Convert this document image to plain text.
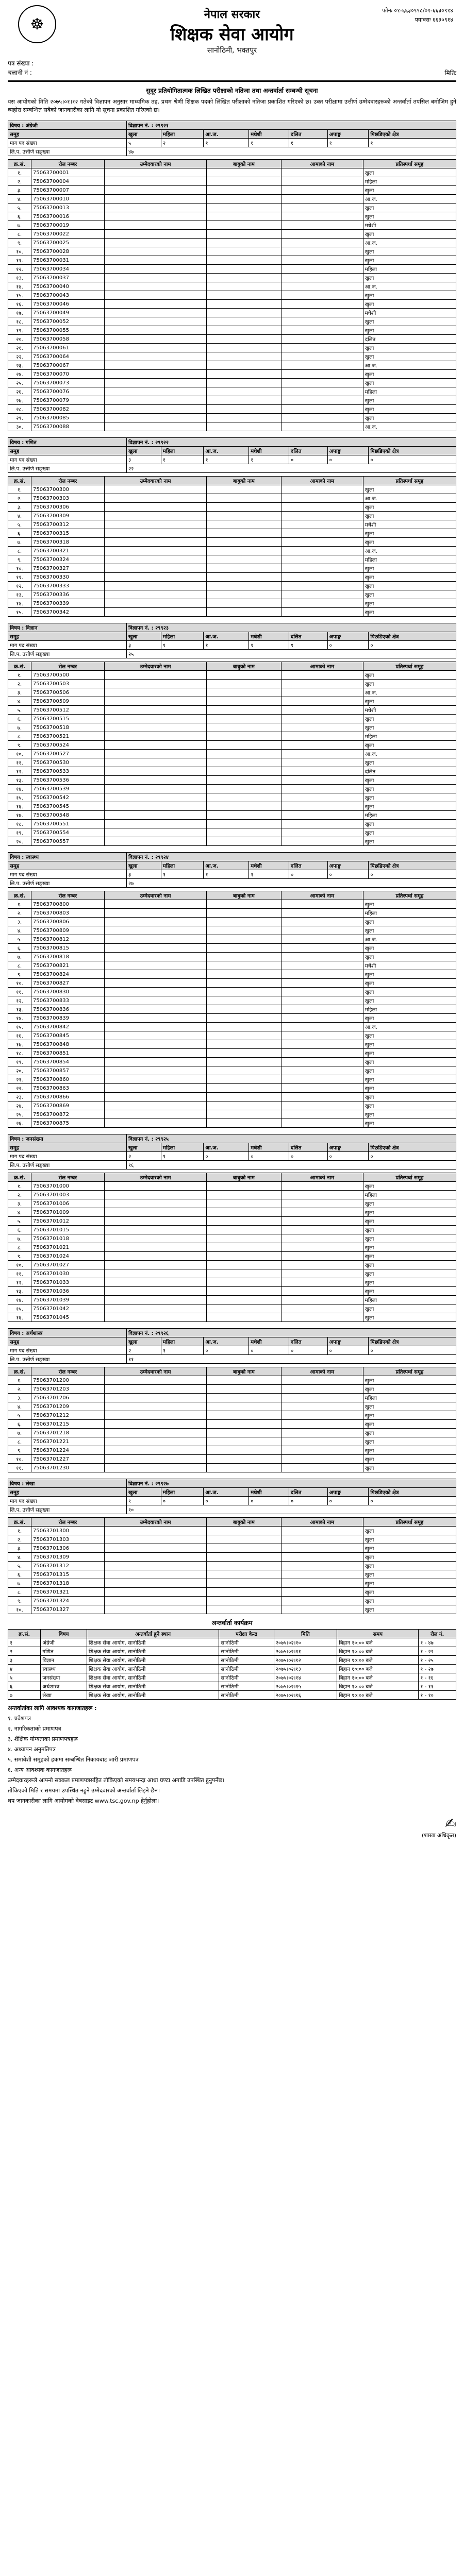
☸
नेपाल सरकार
शिक्षक सेवा आयोग
सानोठिमी, भक्तपुर
फोनः ०१-६६३०९९८/०१-६६३०९१४
फ्याक्सः ६६३०९१४
पत्र संख्या :
चलानी नं :	मितिः
सुदूर प्रतियोगितात्मक लिखित परीक्षाको नतिजा तथा अन्तर्वार्ता सम्बन्धी सूचना
यस आयोगको मिति २०७५।०१।१२ गतेको विज्ञापन अनुसार माध्यमिक तह, प्रथम श्रेणी शिक्षक पदको लिखित परीक्षाको नतिजा प्रकाशित गरिएको छ। उक्त परीक्षामा उत्तीर्ण उम्मेदवारहरूको अन्तर्वार्ता तपसिल बमोजिम हुने व्यहोरा सम्बन्धित सबैको जानकारीका लागि यो सूचना प्रकाशित गरिएको छ।
विषय : अंग्रेजी	विज्ञापन नं. : २९९२१						
समूह	खुला	महिला	आ.ज.	मधेशी	दलित	अपाङ्ग	पिछडिएको क्षेत्र
माग पद संख्या	५	२	१	१	१	१	१
लि.प. उत्तीर्ण सङ्ख्या	४७						
क्र.सं.	रोल नम्बर	उम्मेदवारको नाम	बाबुको नाम	आमाको नाम	प्रतिस्पर्धा समूह
१.	75063700001				खुला
२.	75063700004				महिला
३.	75063700007				खुला
४.	75063700010				आ.ज.
५.	75063700013				खुला
६.	75063700016				खुला
७.	75063700019				मधेशी
८.	75063700022				खुला
९.	75063700025				आ.ज.
१०.	75063700028				खुला
११.	75063700031				खुला
१२.	75063700034				महिला
१३.	75063700037				खुला
१४.	75063700040				आ.ज.
१५.	75063700043				खुला
१६.	75063700046				खुला
१७.	75063700049				मधेशी
१८.	75063700052				खुला
१९.	75063700055				खुला
२०.	75063700058				दलित
२१.	75063700061				खुला
२२.	75063700064				खुला
२३.	75063700067				आ.ज.
२४.	75063700070				खुला
२५.	75063700073				खुला
२६.	75063700076				महिला
२७.	75063700079				खुला
२८.	75063700082				खुला
२९.	75063700085				खुला
३०.	75063700088				आ.ज.
विषय : गणित	विज्ञापन नं. : २९९२२						
समूह	खुला	महिला	आ.ज.	मधेशी	दलित	अपाङ्ग	पिछडिएको क्षेत्र
माग पद संख्या	३	१	१	१	०	०	०
लि.प. उत्तीर्ण सङ्ख्या	२२						
क्र.सं.	रोल नम्बर	उम्मेदवारको नाम	बाबुको नाम	आमाको नाम	प्रतिस्पर्धा समूह
१.	75063700300				खुला
२.	75063700303				आ.ज.
३.	75063700306				खुला
४.	75063700309				खुला
५.	75063700312				मधेशी
६.	75063700315				खुला
७.	75063700318				खुला
८.	75063700321				आ.ज.
९.	75063700324				महिला
१०.	75063700327				खुला
११.	75063700330				खुला
१२.	75063700333				खुला
१३.	75063700336				खुला
१४.	75063700339				खुला
१५.	75063700342				खुला
विषय : विज्ञान	विज्ञापन नं. : २९९२३						
समूह	खुला	महिला	आ.ज.	मधेशी	दलित	अपाङ्ग	पिछडिएको क्षेत्र
माग पद संख्या	३	१	१	१	१	०	०
लि.प. उत्तीर्ण सङ्ख्या	२५						
क्र.सं.	रोल नम्बर	उम्मेदवारको नाम	बाबुको नाम	आमाको नाम	प्रतिस्पर्धा समूह
१.	75063700500				खुला
२.	75063700503				खुला
३.	75063700506				आ.ज.
४.	75063700509				खुला
५.	75063700512				मधेशी
६.	75063700515				खुला
७.	75063700518				खुला
८.	75063700521				महिला
९.	75063700524				खुला
१०.	75063700527				आ.ज.
११.	75063700530				खुला
१२.	75063700533				दलित
१३.	75063700536				खुला
१४.	75063700539				खुला
१५.	75063700542				खुला
१६.	75063700545				खुला
१७.	75063700548				महिला
१८.	75063700551				खुला
१९.	75063700554				खुला
२०.	75063700557				खुला
विषय : स्वास्थ्य	विज्ञापन नं. : २९९२४						
समूह	खुला	महिला	आ.ज.	मधेशी	दलित	अपाङ्ग	पिछडिएको क्षेत्र
माग पद संख्या	३	१	१	१	०	०	०
लि.प. उत्तीर्ण सङ्ख्या	२७						
क्र.सं.	रोल नम्बर	उम्मेदवारको नाम	बाबुको नाम	आमाको नाम	प्रतिस्पर्धा समूह
१.	75063700800				खुला
२.	75063700803				महिला
३.	75063700806				खुला
४.	75063700809				खुला
५.	75063700812				आ.ज.
६.	75063700815				खुला
७.	75063700818				खुला
८.	75063700821				मधेशी
९.	75063700824				खुला
१०.	75063700827				खुला
११.	75063700830				खुला
१२.	75063700833				खुला
१३.	75063700836				महिला
१४.	75063700839				खुला
१५.	75063700842				आ.ज.
१६.	75063700845				खुला
१७.	75063700848				खुला
१८.	75063700851				खुला
१९.	75063700854				खुला
२०.	75063700857				खुला
२१.	75063700860				खुला
२२.	75063700863				खुला
२३.	75063700866				खुला
२४.	75063700869				खुला
२५.	75063700872				खुला
२६.	75063700875				खुला
विषय : जनसंख्या	विज्ञापन नं. : २९९२५						
समूह	खुला	महिला	आ.ज.	मधेशी	दलित	अपाङ्ग	पिछडिएको क्षेत्र
माग पद संख्या	२	१	०	०	०	०	०
लि.प. उत्तीर्ण सङ्ख्या	१६						
क्र.सं.	रोल नम्बर	उम्मेदवारको नाम	बाबुको नाम	आमाको नाम	प्रतिस्पर्धा समूह
१.	75063701000				खुला
२.	75063701003				महिला
३.	75063701006				खुला
४.	75063701009				खुला
५.	75063701012				खुला
६.	75063701015				खुला
७.	75063701018				खुला
८.	75063701021				खुला
९.	75063701024				खुला
१०.	75063701027				खुला
११.	75063701030				खुला
१२.	75063701033				खुला
१३.	75063701036				खुला
१४.	75063701039				महिला
१५.	75063701042				खुला
१६.	75063701045				खुला
विषय : अर्थशास्त्र	विज्ञापन नं. : २९९२६						
समूह	खुला	महिला	आ.ज.	मधेशी	दलित	अपाङ्ग	पिछडिएको क्षेत्र
माग पद संख्या	२	१	०	०	०	०	०
लि.प. उत्तीर्ण सङ्ख्या	११						
क्र.सं.	रोल नम्बर	उम्मेदवारको नाम	बाबुको नाम	आमाको नाम	प्रतिस्पर्धा समूह
१.	75063701200				खुला
२.	75063701203				खुला
३.	75063701206				महिला
४.	75063701209				खुला
५.	75063701212				खुला
६.	75063701215				खुला
७.	75063701218				खुला
८.	75063701221				खुला
९.	75063701224				खुला
१०.	75063701227				खुला
११.	75063701230				खुला
विषय : लेखा	विज्ञापन नं. : २९९२७						
समूह	खुला	महिला	आ.ज.	मधेशी	दलित	अपाङ्ग	पिछडिएको क्षेत्र
माग पद संख्या	१	०	०	०	०	०	०
लि.प. उत्तीर्ण सङ्ख्या	१०						
क्र.सं.	रोल नम्बर	उम्मेदवारको नाम	बाबुको नाम	आमाको नाम	प्रतिस्पर्धा समूह
१.	75063701300				खुला
२.	75063701303				खुला
३.	75063701306				खुला
४.	75063701309				खुला
५.	75063701312				खुला
६.	75063701315				खुला
७.	75063701318				खुला
८.	75063701321				खुला
९.	75063701324				खुला
१०.	75063701327				खुला
अन्तर्वार्ता कार्यक्रम
क्र.सं.	विषय	अन्तर्वार्ता हुने स्थान	परीक्षा केन्द्र	मिति	समय	रोल नं.
१	अंग्रेजी	शिक्षक सेवा आयोग, सानोठिमी	सानोठिमी	२०७५।०२।१०	बिहान १०:०० बजे	१ - ४७
२	गणित	शिक्षक सेवा आयोग, सानोठिमी	सानोठिमी	२०७५।०२।११	बिहान १०:०० बजे	१ - २२
३	विज्ञान	शिक्षक सेवा आयोग, सानोठिमी	सानोठिमी	२०७५।०२।१२	बिहान १०:०० बजे	१ - २५
४	स्वास्थ्य	शिक्षक सेवा आयोग, सानोठिमी	सानोठिमी	२०७५।०२।१३	बिहान १०:०० बजे	१ - २७
५	जनसंख्या	शिक्षक सेवा आयोग, सानोठिमी	सानोठिमी	२०७५।०२।१४	बिहान १०:०० बजे	१ - १६
६	अर्थशास्त्र	शिक्षक सेवा आयोग, सानोठिमी	सानोठिमी	२०७५।०२।१५	बिहान १०:०० बजे	१ - ११
७	लेखा	शिक्षक सेवा आयोग, सानोठिमी	सानोठिमी	२०७५।०२।१६	बिहान १०:०० बजे	१ - १०

अन्तर्वार्ताका लागि आवश्यक कागजातहरू :

१. प्रवेशपत्र

२. नागरिकताको प्रमाणपत्र

३. शैक्षिक योग्यताका प्रमाणपत्रहरू

४. अध्यापन अनुमतिपत्र

५. समावेशी समूहको हकमा सम्बन्धित निकायबाट जारी प्रमाणपत्र

६. अन्य आवश्यक कागजातहरू

उम्मेदवारहरूले आफ्नो सक्कल प्रमाणपत्रसहित तोकिएको समयभन्दा आधा घण्टा अगाडि उपस्थित हुनुपर्नेछ।

तोकिएको मिति र समयमा उपस्थित नहुने उम्मेदवारको अन्तर्वार्ता लिइने छैन।

थप जानकारीका लागि आयोगको वेबसाइट www.tsc.gov.np हेर्नुहोला।

✍
(शाखा अधिकृत)
